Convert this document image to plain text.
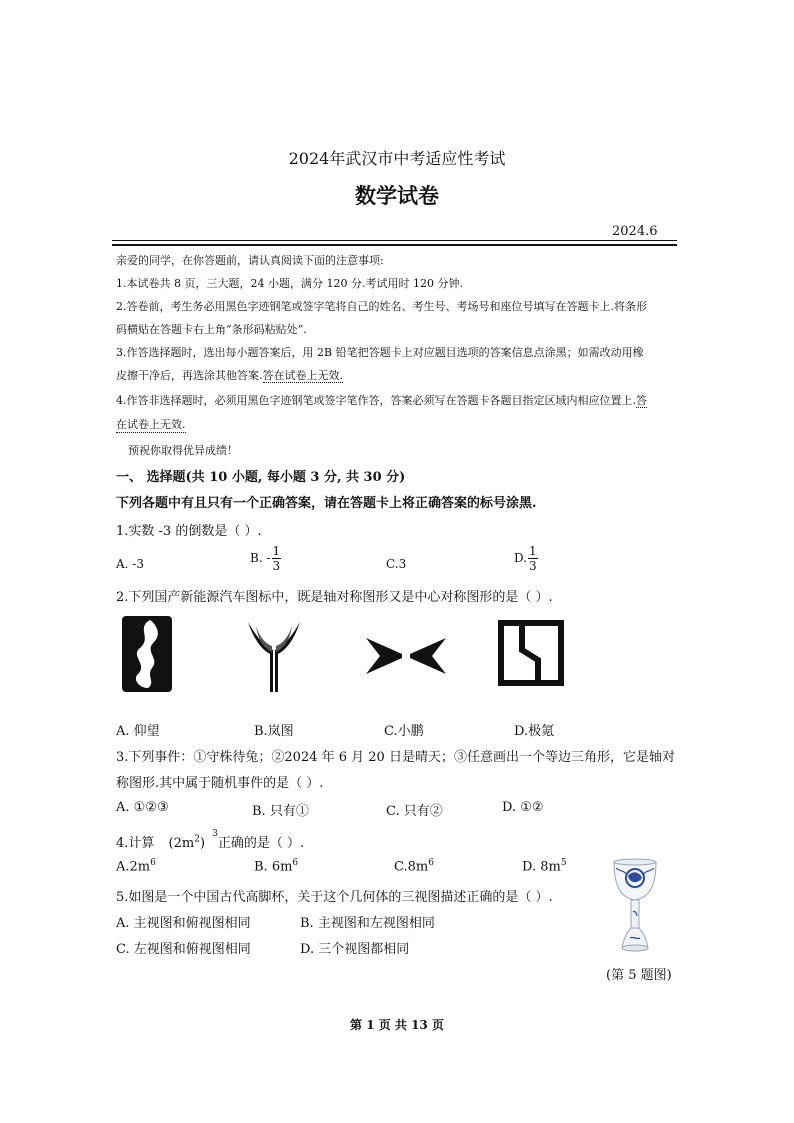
2024年武汉市中考适应性考试
数学试卷
2024.6
亲爱的同学，在你答题前，请认真阅读下面的注意事项:
1.本试卷共 8 页，三大题，24 小题，满分 120 分.考试用时 120 分钟.
2.答卷前，考生务必用黑色字迹钢笔或签字笔将自己的姓名、考生号、考场号和座位号填写在答题卡上.将条形
码横贴在答题卡右上角“条形码粘贴处”.
3.作答选择题时，选出每小题答案后，用 2B 铅笔把答题卡上对应题目选项的答案信息点涂黑；如需改动用橡
皮擦干净后，再选涂其他答案.答在试卷上无效.
4.作答非选择题时，必须用黑色字迹钢笔或签字笔作答，答案必须写在答题卡各题目指定区域内相应位置上.答
在试卷上无效.
预祝你取得优异成绩！
一、 选择题(共 10 小题, 每小题 3 分, 共 30 分)
下列各题中有且只有一个正确答案，请在答题卡上将正确答案的标号涂黑.
1.实数 -3 的倒数是（ ）.
A. -3	B. - $\frac{1}{3}$	C.3	D. $\frac{1}{3}$
2.下列国产新能源汽车图标中，既是轴对称图形又是中心对称图形的是（ ）.
A. 仰望	B.岚图	C.小鹏	D.极氪
3.下列事件：①守株待兔；②2024 年 6 月 20 日是晴天；③任意画出一个等边三角形，它是轴对
称图形.其中属于随机事件的是（ ）.
A. ①②③	B. 只有①	C. 只有②	D. ①②
4.计算 $(2m^2)$ $^3$正确的是（ ）.
$A.2m^6$	B. $6m^6$	$C.8m^6$	D. $8m^5$
5.如图是一个中国古代高脚杯，关于这个几何体的三视图描述正确的是（ ）.
A. 主视图和俯视图相同	B. 主视图和左视图相同
C. 左视图和俯视图相同	D. 三个视图都相同
(第 5 题图)
第 1 页 共 13 页
